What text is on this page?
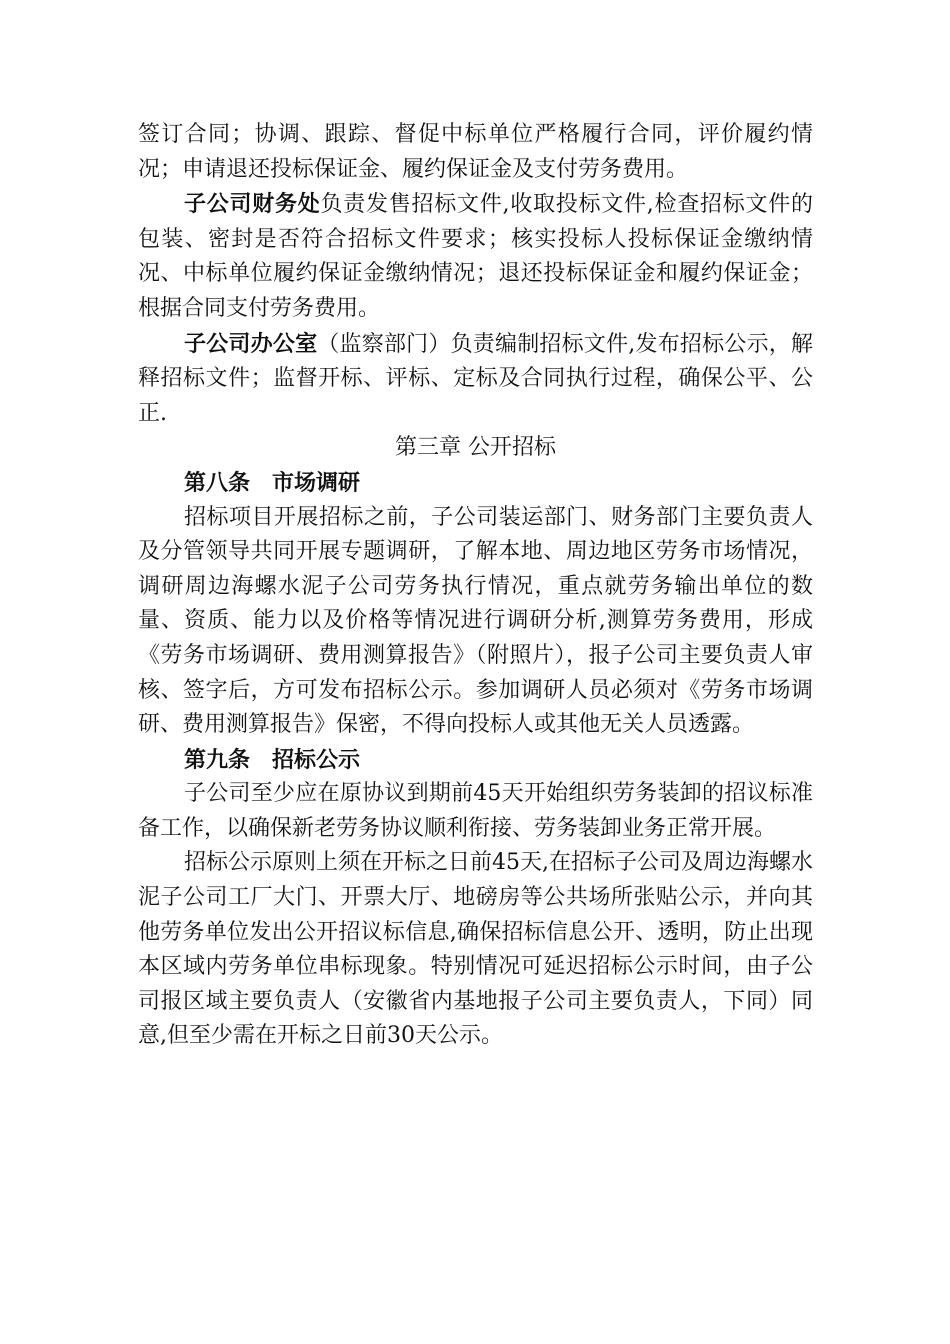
签订合同；协调、跟踪、督促中标单位严格履行合同，评价履约情况；申请退还投标保证金、履约保证金及支付劳务费用。

子公司财务处负责发售招标文件,收取投标文件,检查招标文件的包装、密封是否符合招标文件要求；核实投标人投标保证金缴纳情况、中标单位履约保证金缴纳情况；退还投标保证金和履约保证金；根据合同支付劳务费用。

子公司办公室（监察部门）负责编制招标文件,发布招标公示，解释招标文件；监督开标、评标、定标及合同执行过程，确保公平、公正.

第三章 公开招标

第八条 市场调研

招标项目开展招标之前，子公司装运部门、财务部门主要负责人及分管领导共同开展专题调研，了解本地、周边地区劳务市场情况，调研周边海螺水泥子公司劳务执行情况，重点就劳务输出单位的数量、资质、能力以及价格等情况进行调研分析,测算劳务费用，形成《劳务市场调研、费用测算报告》（附照片），报子公司主要负责人审核、签字后，方可发布招标公示。参加调研人员必须对《劳务市场调研、费用测算报告》保密，不得向投标人或其他无关人员透露。

第九条 招标公示

子公司至少应在原协议到期前45天开始组织劳务装卸的招议标准备工作，以确保新老劳务协议顺利衔接、劳务装卸业务正常开展。

招标公示原则上须在开标之日前45天,在招标子公司及周边海螺水泥子公司工厂大门、开票大厅、地磅房等公共场所张贴公示，并向其他劳务单位发出公开招议标信息,确保招标信息公开、透明，防止出现本区域内劳务单位串标现象。特别情况可延迟招标公示时间，由子公司报区域主要负责人（安徽省内基地报子公司主要负责人，下同）同意,但至少需在开标之日前30天公示。
